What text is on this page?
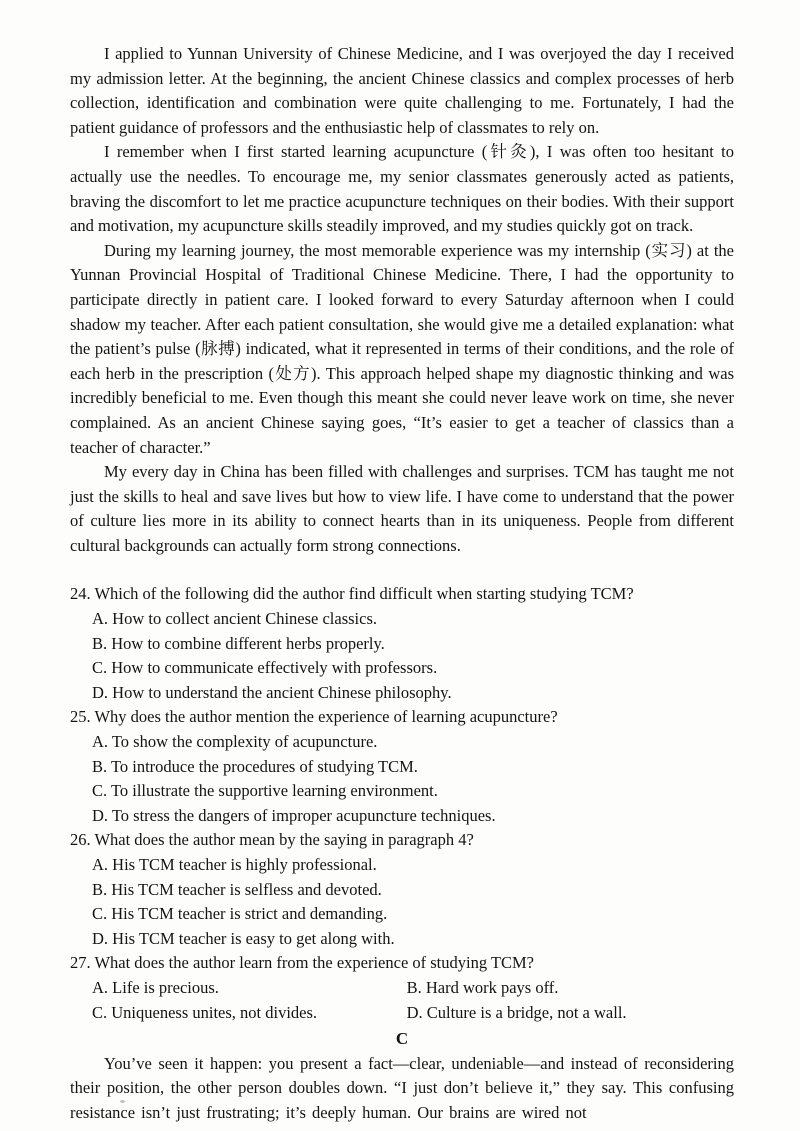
I applied to Yunnan University of Chinese Medicine, and I was overjoyed the day I received my admission letter. At the beginning, the ancient Chinese classics and complex processes of herb collection, identification and combination were quite challenging to me. Fortunately, I had the patient guidance of professors and the enthusiastic help of classmates to rely on.

I remember when I first started learning acupuncture (针灸), I was often too hesitant to actually use the needles. To encourage me, my senior classmates generously acted as patients, braving the discomfort to let me practice acupuncture techniques on their bodies. With their support and motivation, my acupuncture skills steadily improved, and my studies quickly got on track.

During my learning journey, the most memorable experience was my internship (实习) at the Yunnan Provincial Hospital of Traditional Chinese Medicine. There, I had the opportunity to participate directly in patient care. I looked forward to every Saturday afternoon when I could shadow my teacher. After each patient consultation, she would give me a detailed explanation: what the patient’s pulse (脉搏) indicated, what it represented in terms of their conditions, and the role of each herb in the prescription (处方). This approach helped shape my diagnostic thinking and was incredibly beneficial to me. Even though this meant she could never leave work on time, she never complained. As an ancient Chinese saying goes, “It’s easier to get a teacher of classics than a teacher of character.”

My every day in China has been filled with challenges and surprises. TCM has taught me not just the skills to heal and save lives but how to view life. I have come to understand that the power of culture lies more in its ability to connect hearts than in its uniqueness. People from different cultural backgrounds can actually form strong connections.

24. Which of the following did the author find difficult when starting studying TCM?
A. How to collect ancient Chinese classics.
B. How to combine different herbs properly.
C. How to communicate effectively with professors.
D. How to understand the ancient Chinese philosophy.
25. Why does the author mention the experience of learning acupuncture?
A. To show the complexity of acupuncture.
B. To introduce the procedures of studying TCM.
C. To illustrate the supportive learning environment.
D. To stress the dangers of improper acupuncture techniques.
26. What does the author mean by the saying in paragraph 4?
A. His TCM teacher is highly professional.
B. His TCM teacher is selfless and devoted.
C. His TCM teacher is strict and demanding.
D. His TCM teacher is easy to get along with.
27. What does the author learn from the experience of studying TCM?
A. Life is precious.	B. Hard work pays off.
C. Uniqueness unites, not divides.	D. Culture is a bridge, not a wall.
C

You’ve seen it happen: you present a fact—clear, undeniable—and instead of reconsidering their position, the other person doubles down. “I just don’t believe it,” they say. This confusing resistance isn’t just frustrating; it’s deeply human. Our brains are wired not
